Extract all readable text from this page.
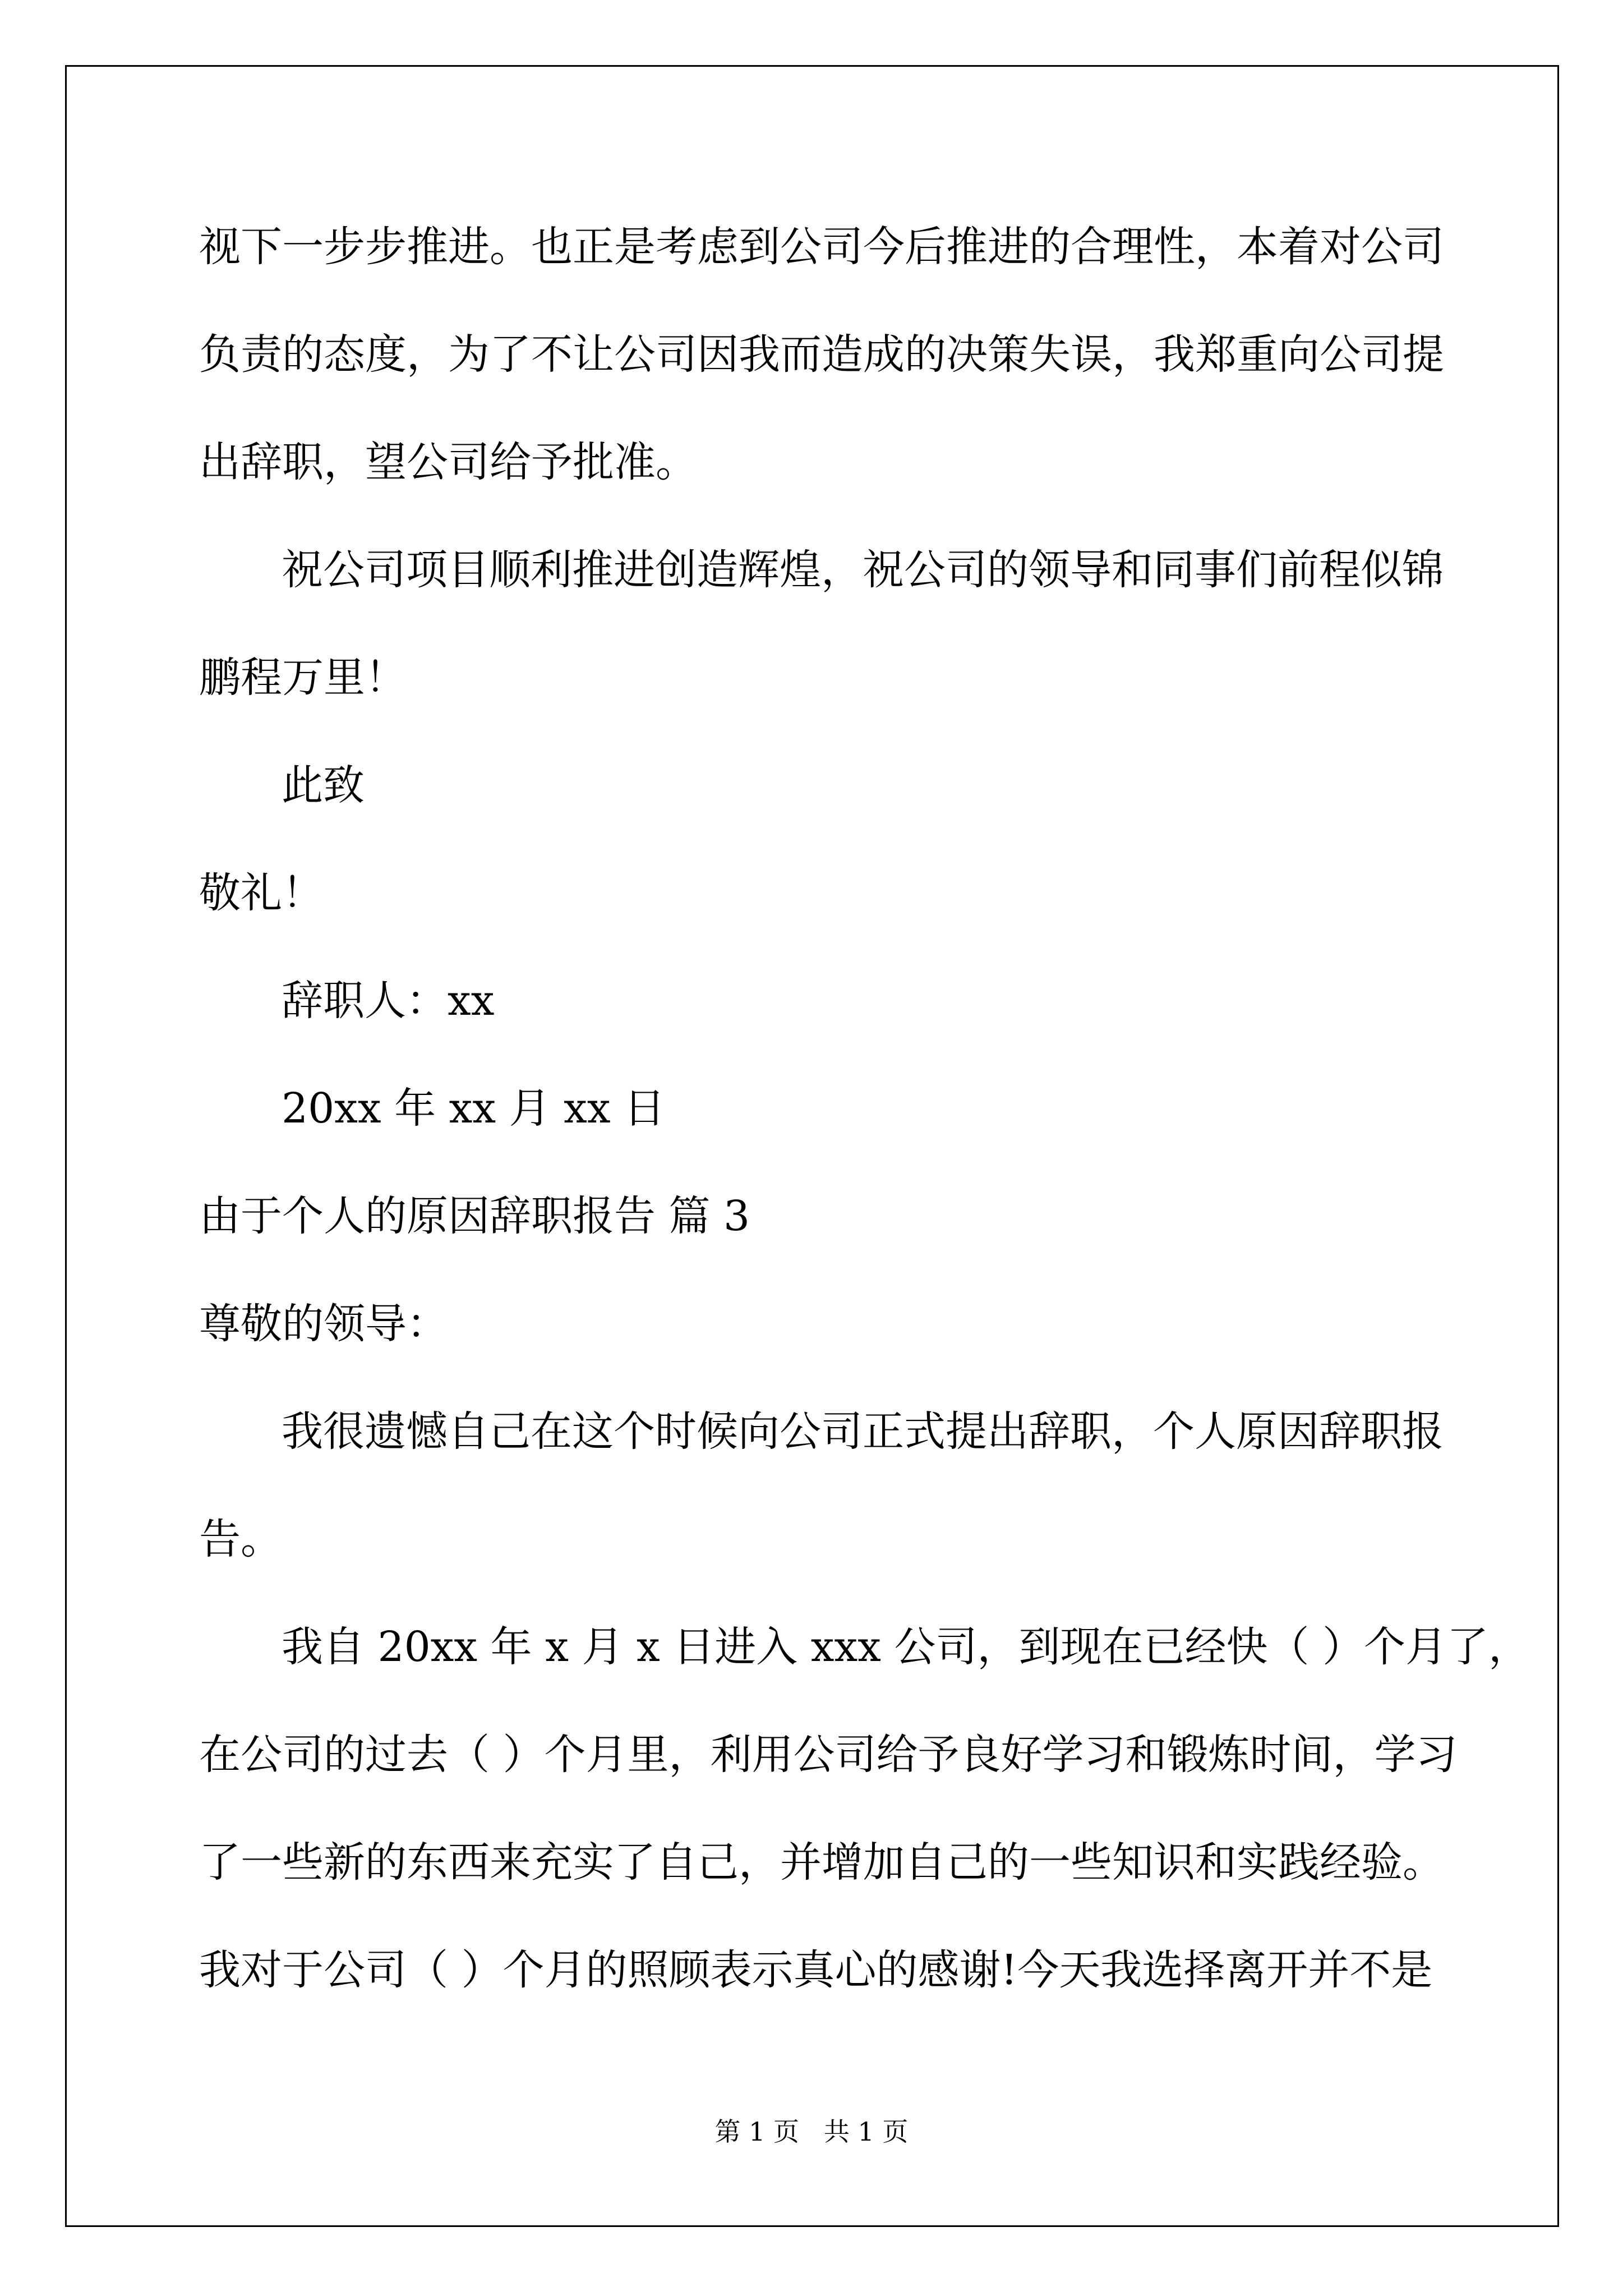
视下一步步推进。也正是考虑到公司今后推进的合理性，本着对公司
负责的态度，为了不让公司因我而造成的决策失误，我郑重向公司提
出辞职，望公司给予批准。
祝公司项目顺利推进创造辉煌，祝公司的领导和同事们前程似锦
鹏程万里！
此致
敬礼！
辞职人：xx
20xx 年 xx 月 xx 日
由于个人的原因辞职报告 篇 3
尊敬的领导：
我很遗憾自己在这个时候向公司正式提出辞职，个人原因辞职报
告。
我自 20xx 年 x 月 x 日进入 xxx 公司，到现在已经快（ ）个月了，
在公司的过去（ ）个月里，利用公司给予良好学习和锻炼时间，学习
了一些新的东西来充实了自己，并增加自己的一些知识和实践经验。
我对于公司（ ）个月的照顾表示真心的感谢!今天我选择离开并不是
第 1 页   共 1 页
